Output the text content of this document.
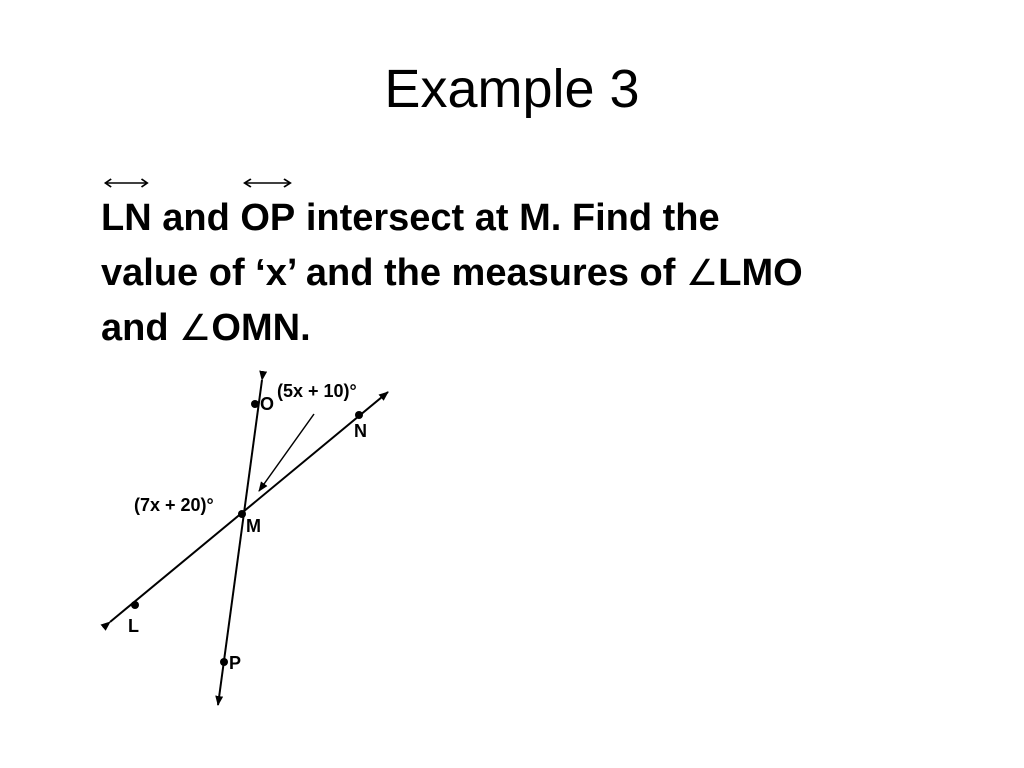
Example 3
LN and OP intersect at M. Find the
value of ‘x’ and the measures of ∠LMO
and ∠OMN.
O
N
M
L
P
(5x + 10)°
(7x + 20)°
